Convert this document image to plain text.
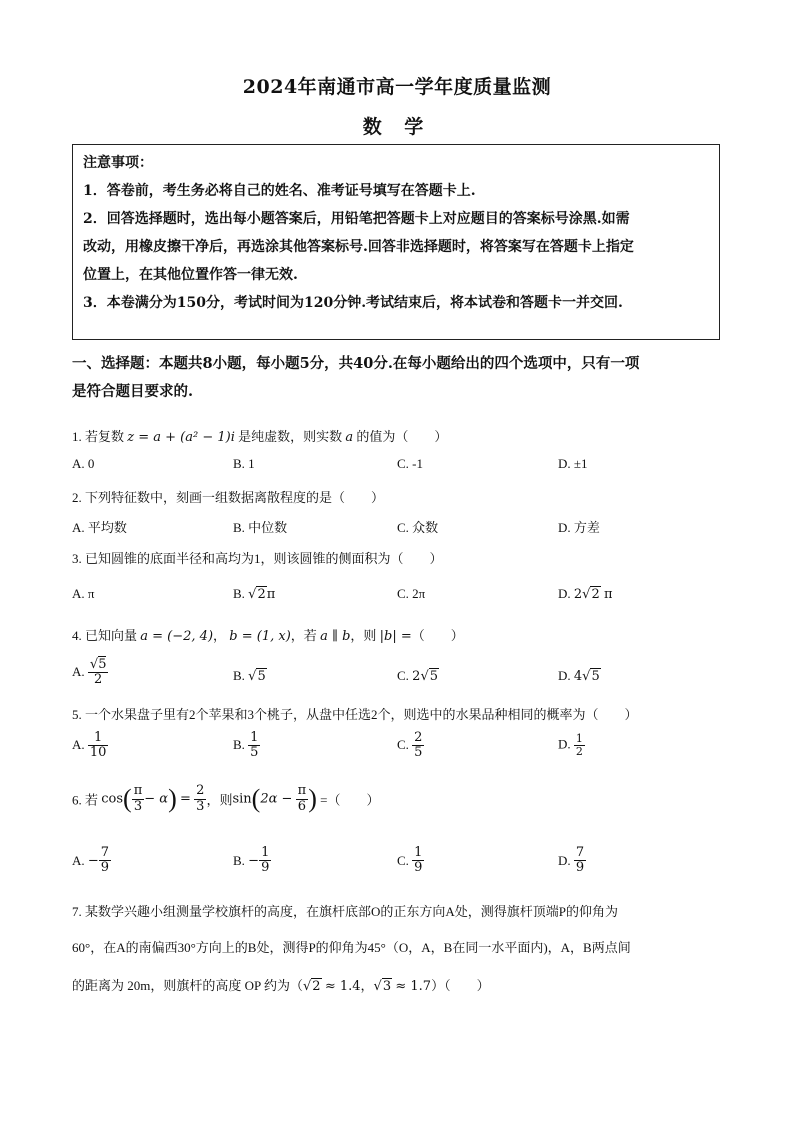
2024年南通市高一学年度质量监测
数 学
注意事项：
1．答卷前，考生务必将自己的姓名、准考证号填写在答题卡上.
2．回答选择题时，选出每小题答案后，用铅笔把答题卡上对应题目的答案标号涂黑.如需
改动，用橡皮擦干净后，再选涂其他答案标号.回答非选择题时，将答案写在答题卡上指定
位置上，在其他位置作答一律无效.
3．本卷满分为150分，考试时间为120分钟.考试结束后，将本试卷和答题卡一并交回.
一、选择题：本题共8小题，每小题5分，共40分.在每小题给出的四个选项中，只有一项
是符合题目要求的.
1. 若复数 z = a + (a² − 1)i 是纯虚数，则实数 a 的值为（　　）
A. 0	B. 1	C. -1	D. ±1
2. 下列特征数中，刻画一组数据离散程度的是（　　）
A. 平均数	B. 中位数	C. 众数	D. 方差
3. 已知圆锥的底面半径和高均为1，则该圆锥的侧面积为（　　）
A. π	B. √2π	C. 2π	D. 2√2 π
4. 已知向量 a = (−2, 4)， b = (1, x)，若 a ∥ b，则 |b| =（　　）
A. $\frac{√5}{2}$	B. √5	C. 2√5	D. 4√5
5. 一个水果盘子里有2个苹果和3个桃子，从盘中任选2个，则选中的水果品种相同的概率为（　　）
A. $\frac{1}{10}$	B. $\frac{1}{5}$	C. $\frac{2}{5}$	D. $\frac{1}{2}$
6. 若 $\cos( \frac{\pi}{3} - \alpha) = \frac{2}{3}$ ，则$\sin(2\alpha - \frac{\pi}{6}$ ) =（　　）
A. − $\frac{7}{9}$	B. − $\frac{1}{9}$	C. $\frac{1}{9}$	D. $\frac{7}{9}$
7. 某数学兴趣小组测量学校旗杆的高度，在旗杆底部O的正东方向A处，测得旗杆顶端P的仰角为
60°，在A的南偏西30°方向上的B处，测得P的仰角为45°（O，A，B在同一水平面内)，A，B两点间
的距离为 20m，则旗杆的高度 OP 约为（√2 ≈ 1.4，√3 ≈ 1.7）（　　）
